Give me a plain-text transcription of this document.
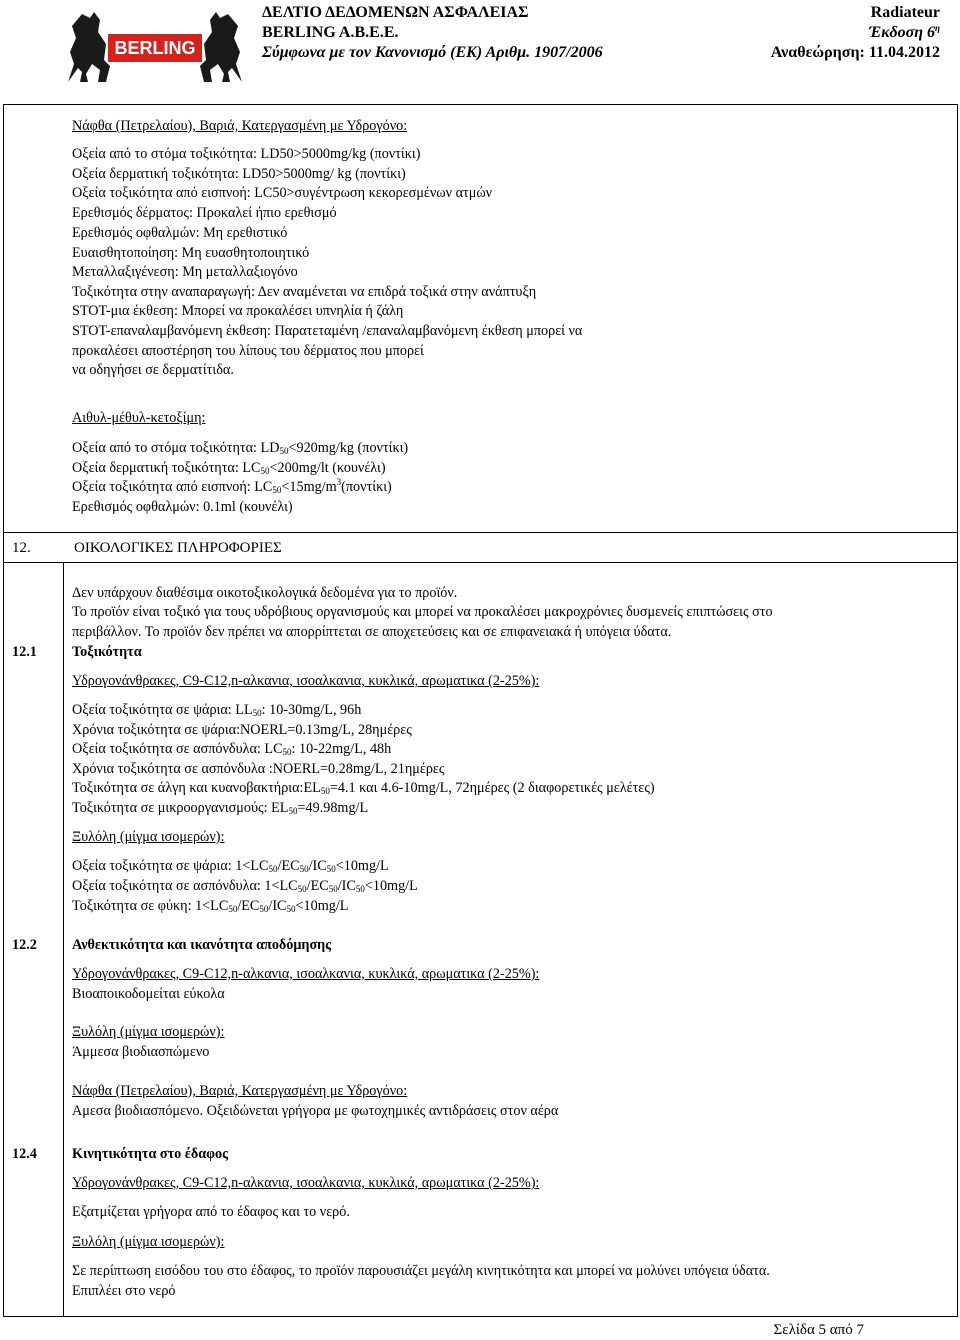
BERLING
ΔΕΛΤΙΟ ΔΕΔΟΜΕΝΩΝ ΑΣΦΑΛΕΙΑΣ
BERLING A.B.E.E.
Σύμφωνα με τον Κανονισμό (ΕΚ) Αριθμ. 1907/2006
Radiateur
Έκδοση $6^\eta$
Αναθεώρηση: 11.04.2012
Νάφθα (Πετρελαίου), Βαριά, Κατεργασμένη με Υδρογόνο:
Οξεία από το στόμα τοξικότητα: LD50>5000mg/kg (ποντίκι)
Οξεία δερματική τοξικότητα: LD50>5000mg/ kg (ποντίκι)
Οξεία τοξικότητα από εισπνοή: LC50>συγέντρωση κεκορεσμένων ατμών
Ερεθισμός δέρματος: Προκαλεί ήπιο ερεθισμό
Ερεθισμός οφθαλμών: Μη ερεθιστικό
Ευαισθητοποίηση: Μη ευασθητοποιητικό
Μεταλλαξιγένεση: Μη μεταλλαξιογόνο
Τοξικότητα στην αναπαραγωγή: Δεν αναμένεται να επιδρά τοξικά στην ανάπτυξη
STOT-μια έκθεση: Μπορεί να προκαλέσει υπνηλία ή ζάλη
STOT-επαναλαμβανόμενη έκθεση: Παρατεταμένη /επαναλαμβανόμενη έκθεση μπορεί να
προκαλέσει αποστέρηση του λίπους του δέρματος που μπορεί
να οδηγήσει σε δερματίτιδα.
Αιθυλ-μέθυλ-κετοξίμη:
Οξεία από το στόμα τοξικότητα: $LD_{50}<920mg/kg$ (ποντίκι)
Οξεία δερματική τοξικότητα: $LC_{50}<200mg/lt$ (κουνέλι)
Οξεία τοξικότητα από εισπνοή: $LC_{50}<15mg/m^3(\pi o\nu\tau ί\kappa\iota)$
Ερεθισμός οφθαλμών: 0.1ml (κουνέλι)
12.	ΟΙΚΟΛΟΓΙΚΕΣ ΠΛΗΡΟΦΟΡΙΕΣ
Δεν υπάρχουν διαθέσιμα οικοτοξικολογικά δεδομένα για το προϊόν.
Το προϊόν είναι τοξικό για τους υδρόβιους οργανισμούς και μπορεί να προκαλέσει μακροχρόνιες δυσμενείς επιπτώσεις στο
περιβάλλον. Το προϊόν δεν πρέπει να απορρίπτεται σε αποχετεύσεις και σε επιφανειακά ή υπόγεια ύδατα.
12.1 Τοξικότητα
Υδρογονάνθρακες, C9-C12,n-αλκανια, ισοαλκανια, κυκλικά, αρωματικα (2-25%):
Οξεία τοξικότητα σε ψάρια: $LL_{50}$: 10-30mg/L, 96h
Χρόνια τοξικότητα σε ψάρια:NOERL=0.13mg/L, 28ημέρες
Οξεία τοξικότητα σε ασπόνδυλα: $LC_{50}$: 10-22mg/L, 48h
Χρόνια τοξικότητα σε ασπόνδυλα :NOERL=0.28mg/L, 21ημέρες
Τοξικότητα σε άλγη και $\kappa\upsilon\alpha\nu o\beta\alpha\kappa\tau ή\rho\iota\alpha:EL_{50}=4.1$ και 4.6-10mg/L, 72ημέρες (2 διαφορετικές μελέτες)
Τοξικότητα σε μικροοργανισμούς: $EL_{50}=49.98mg/L$
Ξυλόλη (μίγμα ισομερών):
Οξεία τοξικότητα σε ψάρια: $1<LC_{50}/EC_{50}/IC_{50}<10mg/L$
Οξεία τοξικότητα σε ασπόνδυλα: $1<LC_{50}/EC_{50}/IC_{50}<10mg/L$
Τοξικότητα σε φύκη: $1<LC_{50}/EC_{50}/IC_{50}<10mg/L$
12.2 Ανθεκτικότητα και ικανότητα αποδόμησης
Υδρογονάνθρακες, C9-C12,n-αλκανια, ισοαλκανια, κυκλικά, αρωματικα (2-25%):
Βιοαποικοδομείται εύκολα
Ξυλόλη (μίγμα ισομερών):
Άμμεσα βιοδιασπώμενο
Νάφθα (Πετρελαίου), Βαριά, Κατεργασμένη με Υδρογόνο:
Αμεσα βιοδιασπόμενο. Οξειδώνεται γρήγορα με φωτοχημικές αντιδράσεις στον αέρα
12.4 Κινητικότητα στο έδαφος
Υδρογονάνθρακες, C9-C12,n-αλκανια, ισοαλκανια, κυκλικά, αρωματικα (2-25%):
Εξατμίζεται γρήγορα από το έδαφος και το νερό.
Ξυλόλη (μίγμα ισομερών):
Σε περίπτωση εισόδου του στο έδαφος, το προϊόν παρουσιάζει μεγάλη κινητικότητα και μπορεί να μολύνει υπόγεια ύδατα.
Επιπλέει στο νερό
Σελίδα 5 από 7
